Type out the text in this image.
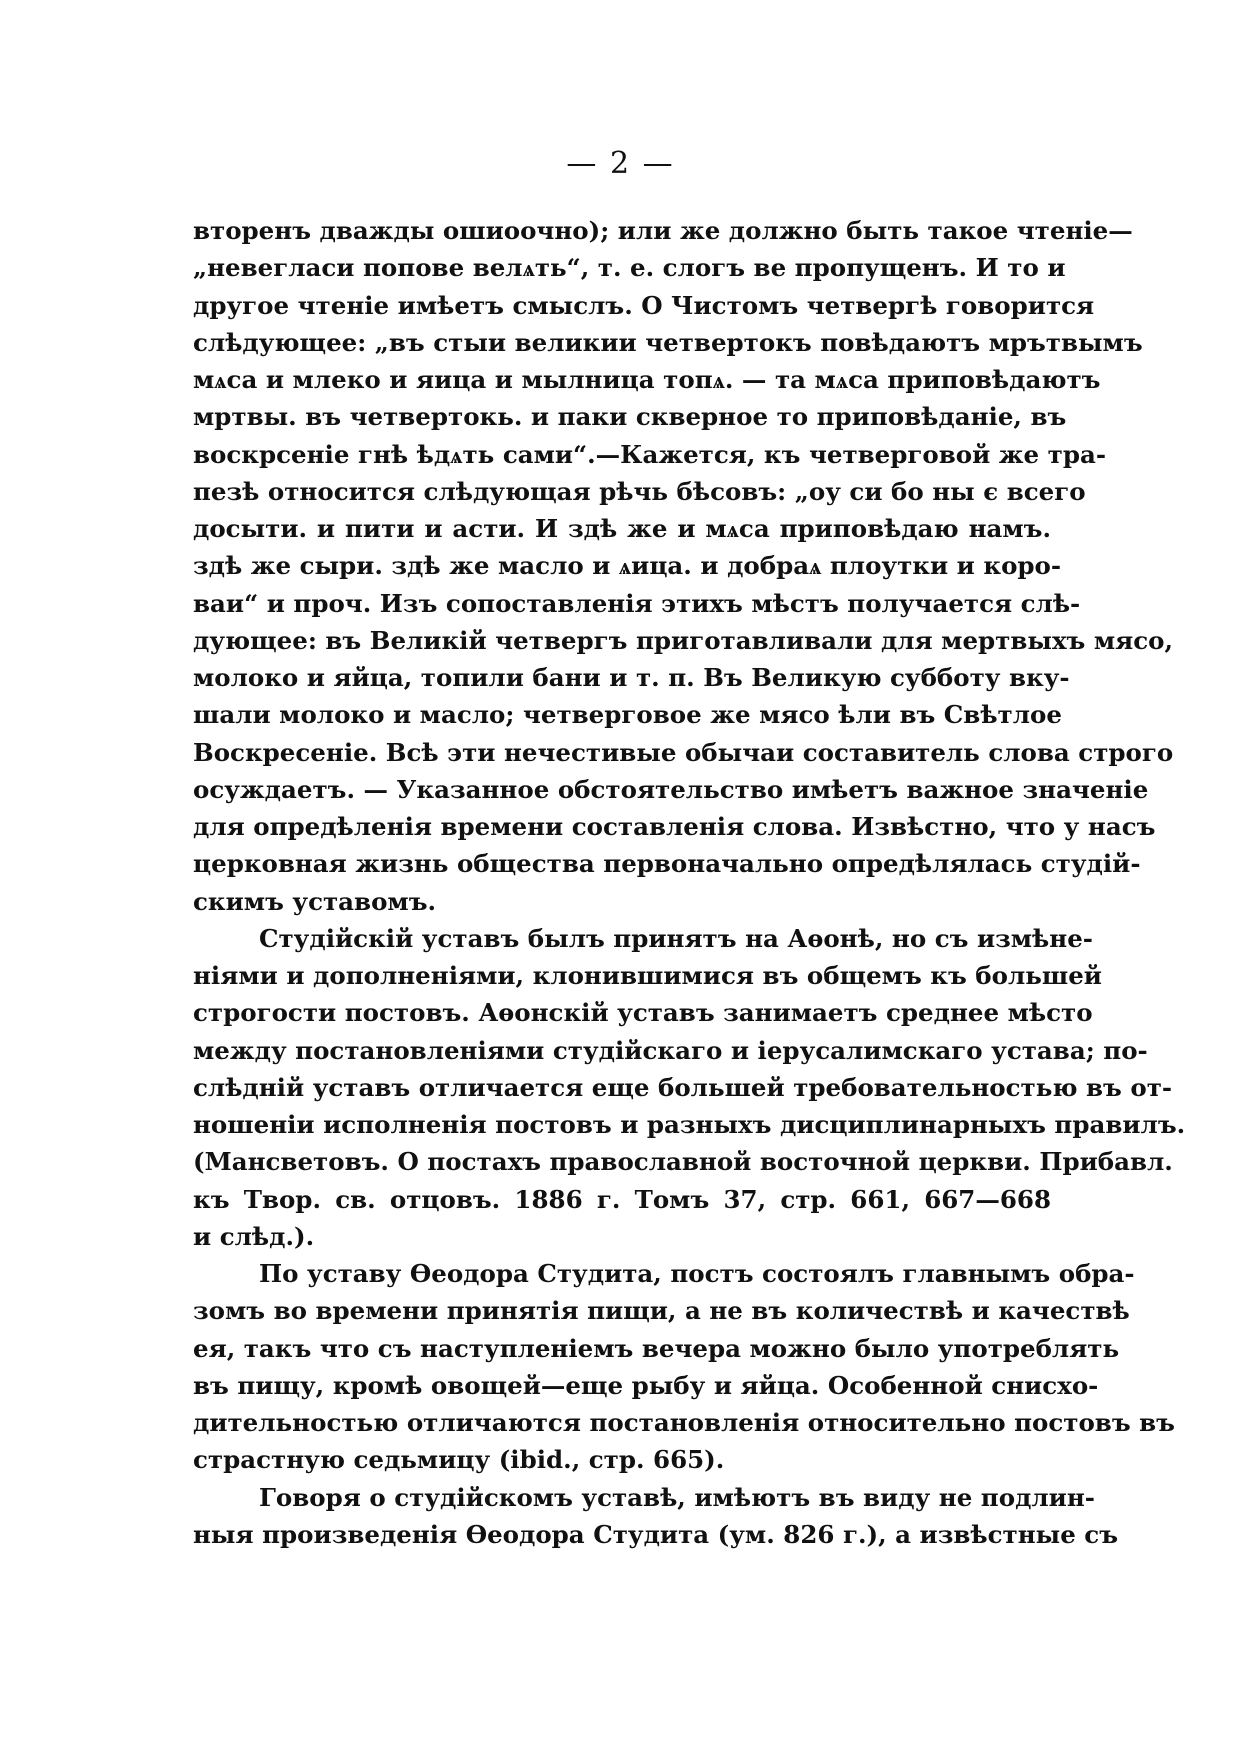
— 2 —
вторенъ дважды ошиоочно); или же должно быть такое чтеніе—
„невегласи попове велѧть“, т. е. слогъ ве пропущенъ. И то и
другое чтеніе имѣетъ смыслъ. О Чистомъ четвергѣ говорится
слѣдующее: „въ стыи великии четвертокъ повѣдаютъ мрътвымъ
мѧса и млеко и яица и мылница топѧ. — та мѧса приповѣдаютъ
мртвы. въ четвертокь. и паки скверное то приповѣданіе, въ
воскрсеніе гнѣ ѣдѧть сами“.—Кажется, къ четверговой же тра-
пезѣ относится слѣдующая рѣчь бѣсовъ: „оу си бо ны є всего
досыти. и пити и асти. И здѣ же и мѧса приповѣдаю намъ.
здѣ же сыри. здѣ же масло и ѧица. и добраѧ плоутки и коро-
ваи“ и проч. Изъ сопоставленія этихъ мѣстъ получается слѣ-
дующее: въ Великій четвергъ приготавливали для мертвыхъ мясо,
молоко и яйца, топили бани и т. п. Въ Великую субботу вку-
шали молоко и масло; четверговое же мясо ѣли въ Свѣтлое
Воскресеніе. Всѣ эти нечестивые обычаи составитель слова строго
осуждаетъ. — Указанное обстоятельство имѣетъ важное значеніе
для опредѣленія времени составленія слова. Извѣстно, что у насъ
церковная жизнь общества первоначально опредѣлялась студій-
скимъ уставомъ.
Студійскій уставъ былъ принятъ на Аѳонѣ, но съ измѣне-
ніями и дополненіями, клонившимися въ общемъ къ большей
строгости постовъ. Аѳонскій уставъ занимаетъ среднее мѣсто
между постановленіями студійскаго и іерусалимскаго устава; по-
слѣдній уставъ отличается еще большей требовательностью въ от-
ношеніи исполненія постовъ и разныхъ дисциплинарныхъ правилъ.
(Мансветовъ. О постахъ православной восточной церкви. Прибавл.
къ Твор. св. отцовъ. 1886 г. Томъ 37, стр. 661, 667—668
и слѣд.).
По уставу Ѳеодора Студита, постъ состоялъ главнымъ обра-
зомъ во времени принятія пищи, а не въ количествѣ и качествѣ
ея, такъ что съ наступленіемъ вечера можно было употреблять
въ пищу, кромѣ овощей—еще рыбу и яйца. Особенной снисхо-
дительностью отличаются постановленія относительно постовъ въ
страстную седьмицу (ibid., стр. 665).
Говоря о студійскомъ уставѣ, имѣютъ въ виду не подлин-
ныя произведенія Ѳеодора Студита (ум. 826 г.), а извѣстные съ
